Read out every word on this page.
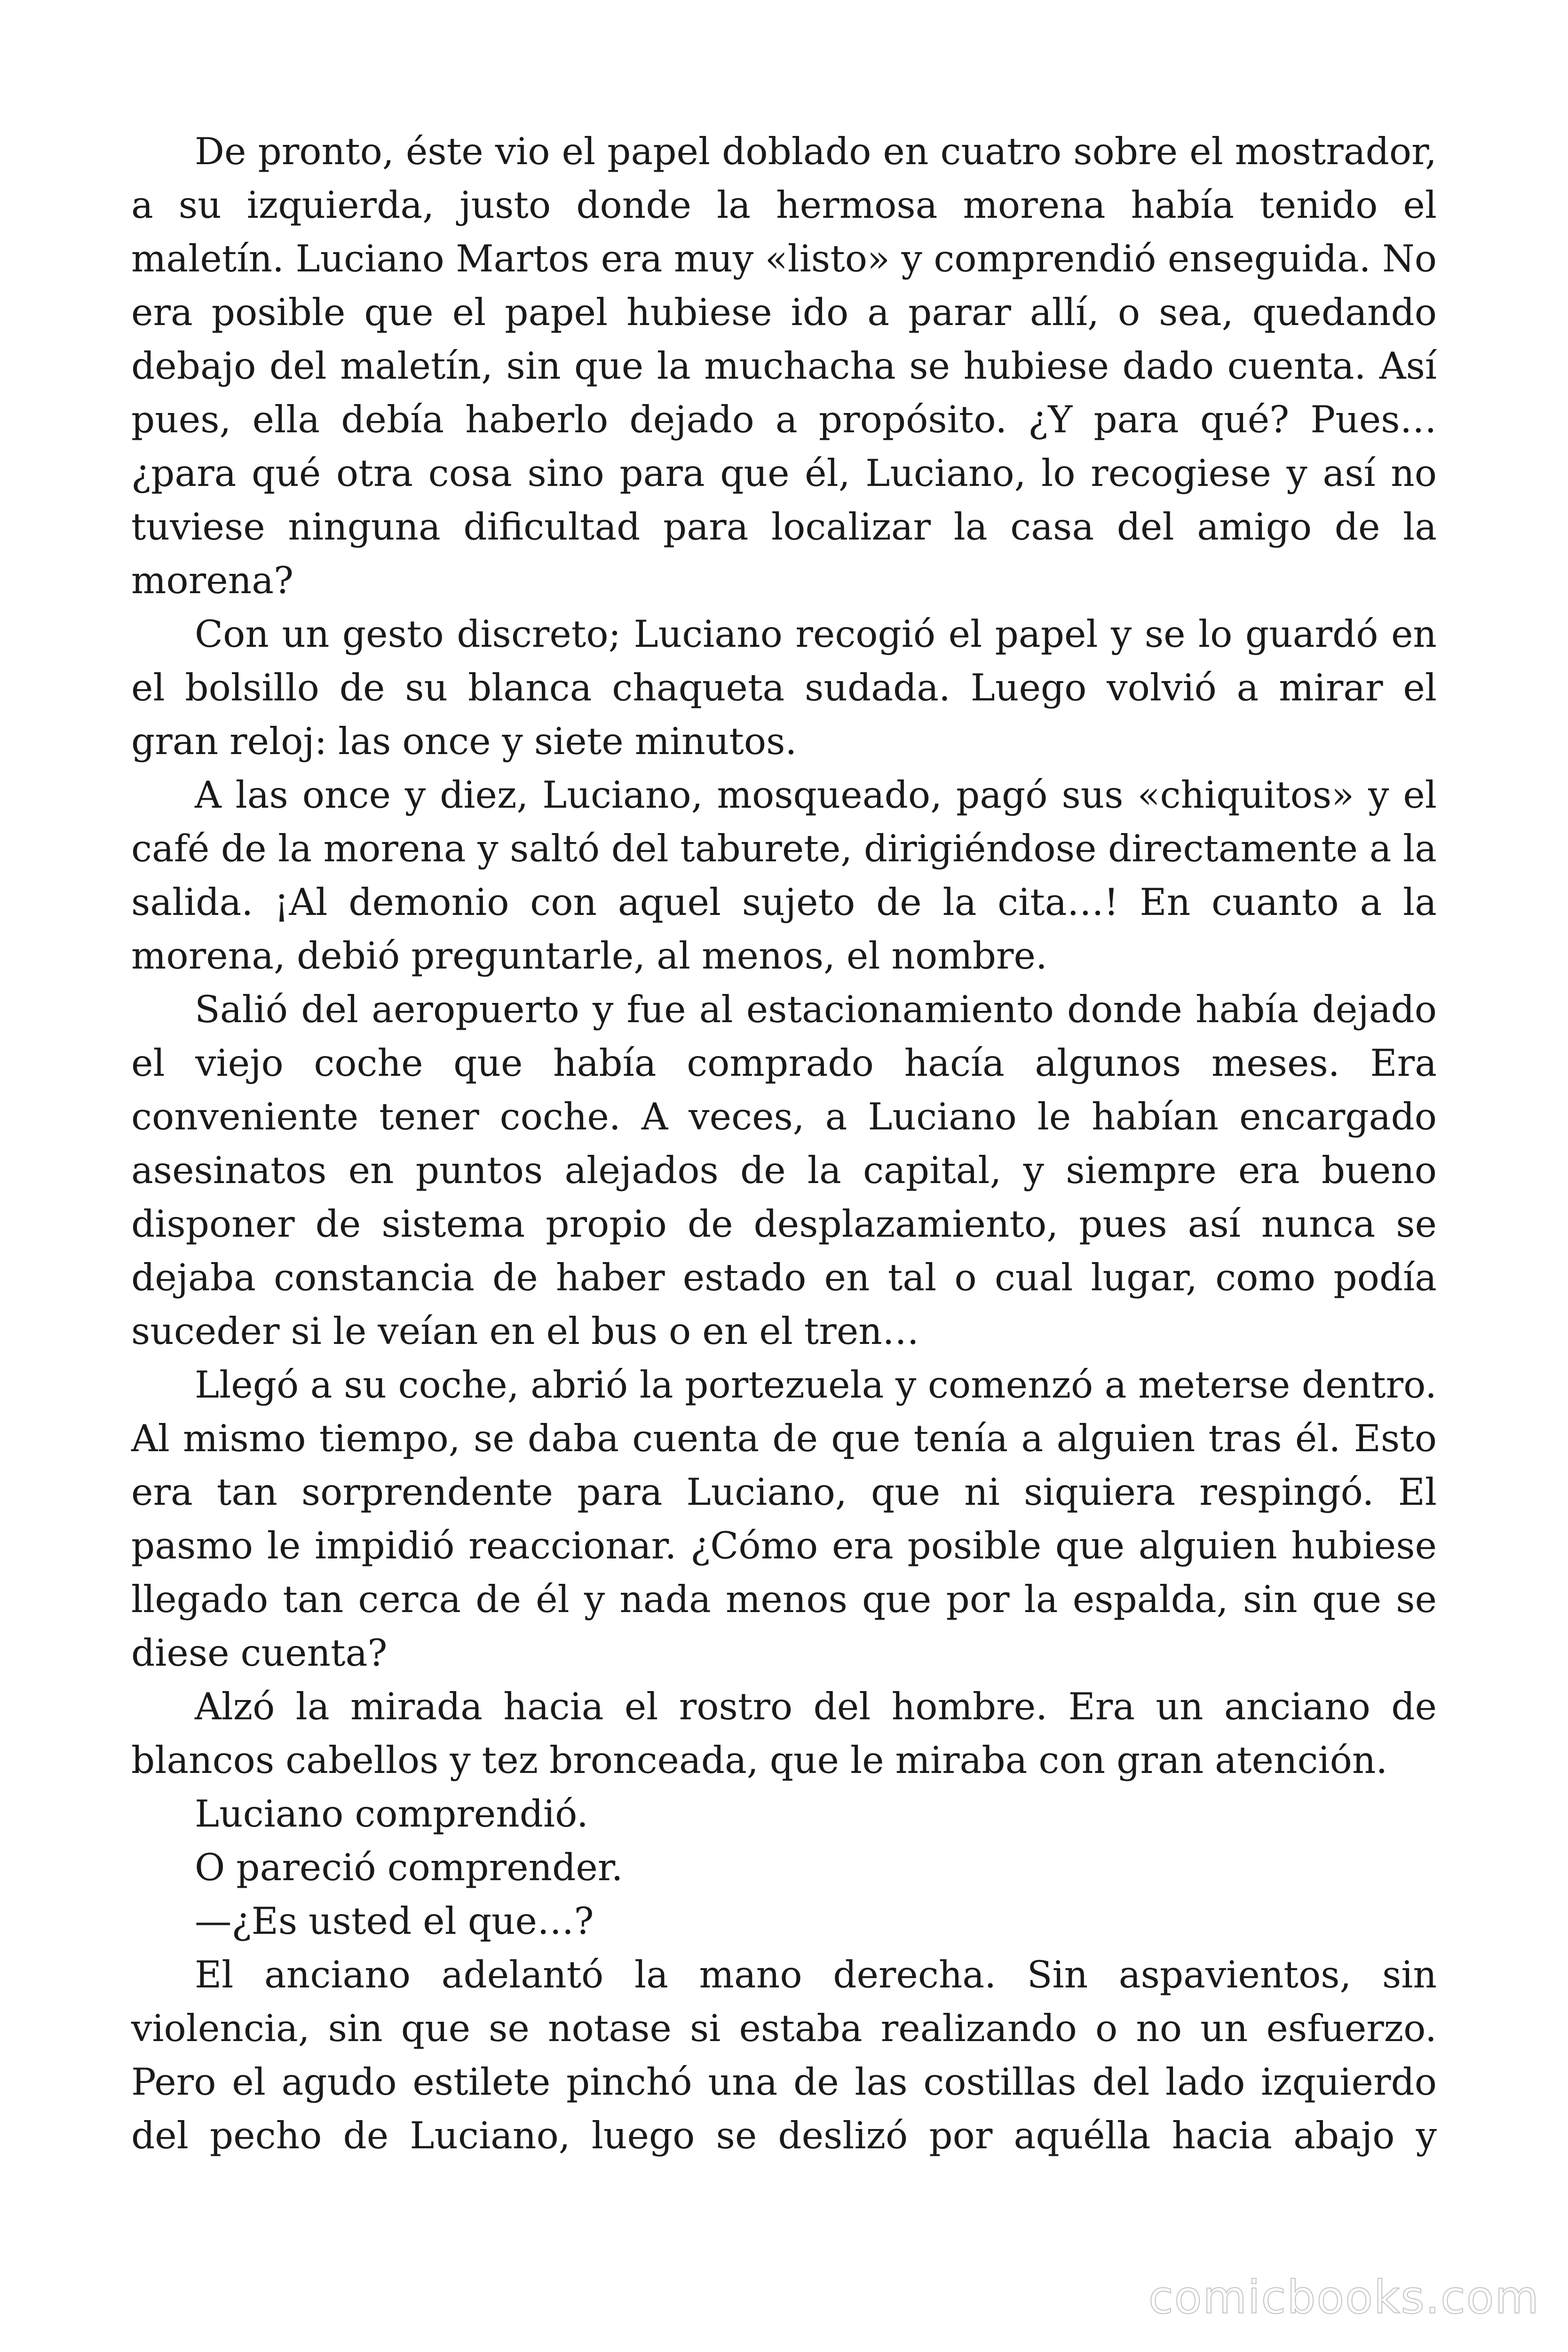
De pronto, éste vio el papel doblado en cuatro sobre el mostrador, a su izquierda, justo donde la hermosa morena había tenido el maletín. Luciano Martos era muy «listo» y comprendió enseguida. No era posible que el papel hubiese ido a parar allí, o sea, quedando debajo del maletín, sin que la muchacha se hubiese dado cuenta. Así pues, ella debía haberlo dejado a propósito. ¿Y para qué? Pues… ¿para qué otra cosa sino para que él, Luciano, lo recogiese y así no tuviese ninguna dificultad para localizar la casa del amigo de la morena?

Con un gesto discreto; Luciano recogió el papel y se lo guardó en el bolsillo de su blanca chaqueta sudada. Luego volvió a mirar el gran reloj: las once y siete minutos.

A las once y diez, Luciano, mosqueado, pagó sus «chiquitos» y el café de la morena y saltó del taburete, dirigiéndose directamente a la salida. ¡Al demonio con aquel sujeto de la cita…! En cuanto a la morena, debió preguntarle, al menos, el nombre.

Salió del aeropuerto y fue al estacionamiento donde había dejado el viejo coche que había comprado hacía algunos meses. Era conveniente tener coche. A veces, a Luciano le habían encargado asesinatos en puntos alejados de la capital, y siempre era bueno disponer de sistema propio de desplazamiento, pues así nunca se dejaba constancia de haber estado en tal o cual lugar, como podía suceder si le veían en el bus o en el tren…

Llegó a su coche, abrió la portezuela y comenzó a meterse dentro. Al mismo tiempo, se daba cuenta de que tenía a alguien tras él. Esto era tan sorprendente para Luciano, que ni siquiera respingó. El pasmo le impidió reaccionar. ¿Cómo era posible que alguien hubiese llegado tan cerca de él y nada menos que por la espalda, sin que se diese cuenta?

Alzó la mirada hacia el rostro del hombre. Era un anciano de blancos cabellos y tez bronceada, que le miraba con gran atención.

Luciano comprendió.

O pareció comprender.

—¿Es usted el que…?

El anciano adelantó la mano derecha. Sin aspavientos, sin violencia, sin que se notase si estaba realizando o no un esfuerzo. Pero el agudo estilete pinchó una de las costillas del lado izquierdo del pecho de Luciano, luego se deslizó por aquélla hacia abajo y

comicbooks.com
